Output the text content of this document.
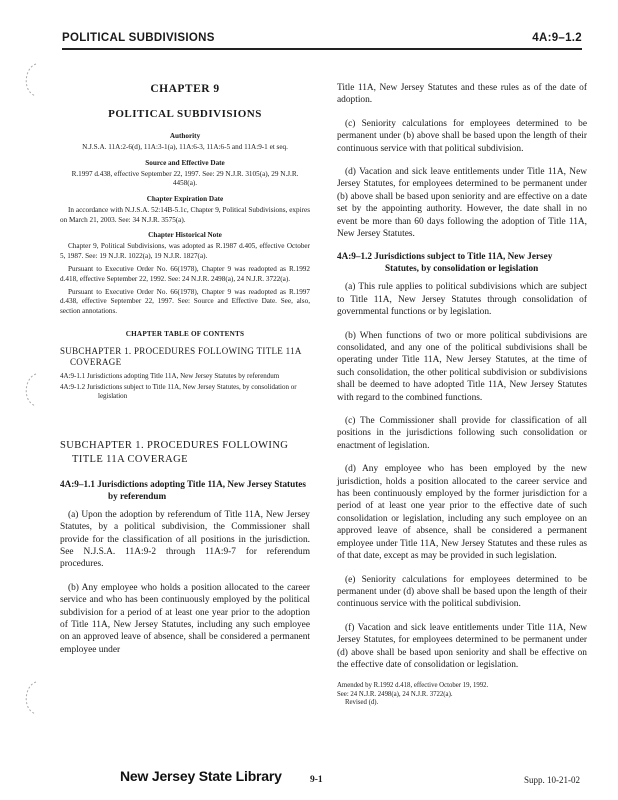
POLITICAL SUBDIVISIONS	4A:9–1.2
CHAPTER 9
POLITICAL SUBDIVISIONS
Authority
N.J.S.A. 11A:2-6(d), 11A:3-1(a), 11A:6-3, 11A:6-5 and 11A:9-1 et seq.
Source and Effective Date
R.1997 d.438, effective September 22, 1997. See: 29 N.J.R. 3105(a), 29 N.J.R. 4458(a).
Chapter Expiration Date
In accordance with N.J.S.A. 52:14B-5.1c, Chapter 9, Political Subdivisions, expires on March 21, 2003. See: 34 N.J.R. 3575(a).
Chapter Historical Note
Chapter 9, Political Subdivisions, was adopted as R.1987 d.405, effective October 5, 1987. See: 19 N.J.R. 1022(a), 19 N.J.R. 1827(a).
Pursuant to Executive Order No. 66(1978), Chapter 9 was readopted as R.1992 d.418, effective September 22, 1992. See: 24 N.J.R. 2498(a), 24 N.J.R. 3722(a).
Pursuant to Executive Order No. 66(1978), Chapter 9 was readopted as R.1997 d.438, effective September 22, 1997. See: Source and Effective Date. See, also, section annotations.
CHAPTER TABLE OF CONTENTS
SUBCHAPTER 1. PROCEDURES FOLLOWING TITLE 11A COVERAGE
4A:9-1.1 Jurisdictions adopting Title 11A, New Jersey Statutes by referendum
4A:9-1.2 Jurisdictions subject to Title 11A, New Jersey Statutes, by consolidation or legislation
SUBCHAPTER 1. PROCEDURES FOLLOWING TITLE 11A COVERAGE
4A:9–1.1 Jurisdictions adopting Title 11A, New Jersey Statutes by referendum

(a) Upon the adoption by referendum of Title 11A, New Jersey Statutes, by a political subdivision, the Commissioner shall provide for the classification of all positions in the jurisdiction. See N.J.S.A. 11A:9-2 through 11A:9-7 for referendum procedures.

(b) Any employee who holds a position allocated to the career service and who has been continuously employed by the political subdivision for a period of at least one year prior to the adoption of Title 11A, New Jersey Statutes, including any such employee on an approved leave of absence, shall be considered a permanent employee under

Title 11A, New Jersey Statutes and these rules as of the date of adoption.

(c) Seniority calculations for employees determined to be permanent under (b) above shall be based upon the length of their continuous service with that political subdivision.

(d) Vacation and sick leave entitlements under Title 11A, New Jersey Statutes, for employees determined to be permanent under (b) above shall be based upon seniority and are effective on a date set by the appointing authority. However, the date shall in no event be more than 60 days following the adoption of Title 11A, New Jersey Statutes.

4A:9–1.2 Jurisdictions subject to Title 11A, New Jersey Statutes, by consolidation or legislation

(a) This rule applies to political subdivisions which are subject to Title 11A, New Jersey Statutes through consolidation of governmental functions or by legislation.

(b) When functions of two or more political subdivisions are consolidated, and any one of the political subdivisions shall be operating under Title 11A, New Jersey Statutes, at the time of such consolidation, the other political subdivision or subdivisions shall be deemed to have adopted Title 11A, New Jersey Statutes with regard to the combined functions.

(c) The Commissioner shall provide for classification of all positions in the jurisdictions following such consolidation or enactment of legislation.

(d) Any employee who has been employed by the new jurisdiction, holds a position allocated to the career service and has been continuously employed by the former jurisdiction for a period of at least one year prior to the effective date of such consolidation or legislation, including any such employee on an approved leave of absence, shall be considered a permanent employee under Title 11A, New Jersey Statutes and these rules as of that date, except as may be provided in such legislation.

(e) Seniority calculations for employees determined to be permanent under (d) above shall be based upon the length of their continuous service with the political subdivision.

(f) Vacation and sick leave entitlements under Title 11A, New Jersey Statutes, for employees determined to be permanent under (d) above shall be based upon seniority and shall be effective on the effective date of consolidation or legislation.

Amended by R.1992 d.418, effective October 19, 1992.

See: 24 N.J.R. 2498(a), 24 N.J.R. 3722(a).

Revised (d).

New Jersey State Library	9-1	Supp. 10-21-02
